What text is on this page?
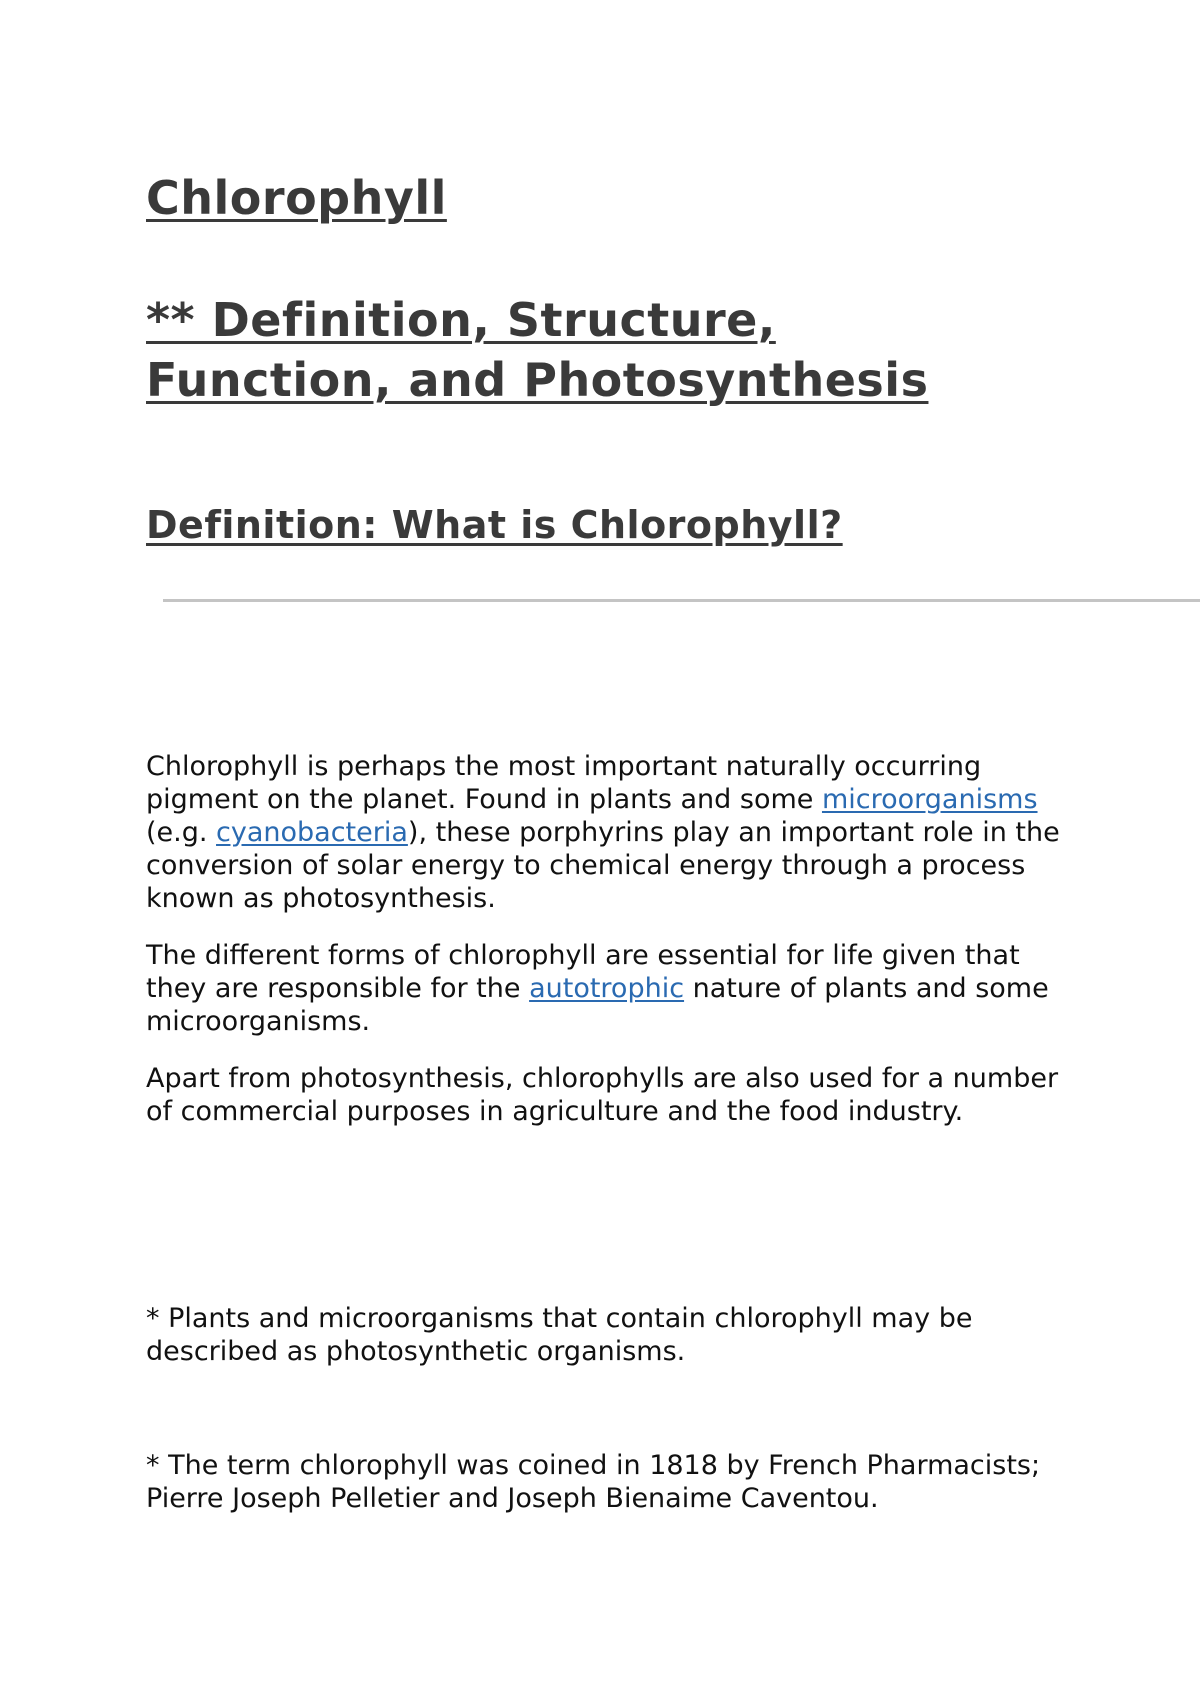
Chlorophyll
** Definition, Structure,
Function, and Photosynthesis
Definition: What is Chlorophyll?

Chlorophyll is perhaps the most important naturally occurring pigment on the planet. Found in plants and some microorganisms (e.g. cyanobacteria), these porphyrins play an important role in the conversion of solar energy to chemical energy through a process known as photosynthesis.

The different forms of chlorophyll are essential for life given that they are responsible for the autotrophic nature of plants and some microorganisms.

Apart from photosynthesis, chlorophylls are also used for a number of commercial purposes in agriculture and the food industry.

* Plants and microorganisms that contain chlorophyll may be described as photosynthetic organisms.
* The term chlorophyll was coined in 1818 by French Pharmacists; Pierre Joseph Pelletier and Joseph Bienaime Caventou.
